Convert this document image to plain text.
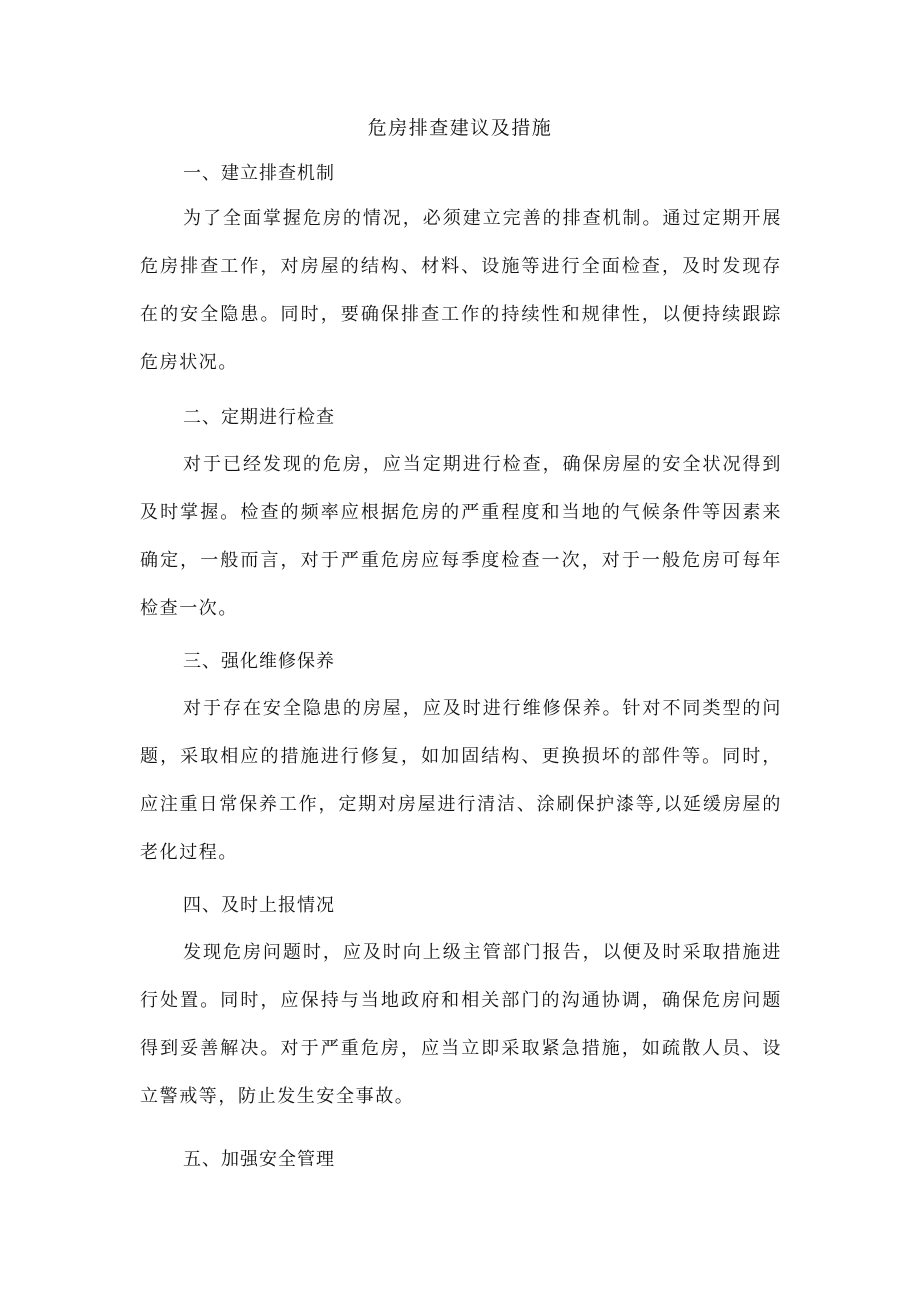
危房排查建议及措施

一、建立排查机制

为了全面掌握危房的情况，必须建立完善的排查机制。通过定期开展危房排查工作，对房屋的结构、材料、设施等进行全面检查，及时发现存在的安全隐患。同时，要确保排查工作的持续性和规律性，以便持续跟踪危房状况。

二、定期进行检查

对于已经发现的危房，应当定期进行检查，确保房屋的安全状况得到及时掌握。检查的频率应根据危房的严重程度和当地的气候条件等因素来确定，一般而言，对于严重危房应每季度检查一次，对于一般危房可每年检查一次。

三、强化维修保养

对于存在安全隐患的房屋，应及时进行维修保养。针对不同类型的问题，采取相应的措施进行修复，如加固结构、更换损坏的部件等。同时，应注重日常保养工作，定期对房屋进行清洁、涂刷保护漆等,以延缓房屋的老化过程。

四、及时上报情况

发现危房问题时，应及时向上级主管部门报告，以便及时采取措施进行处置。同时，应保持与当地政府和相关部门的沟通协调，确保危房问题得到妥善解决。对于严重危房，应当立即采取紧急措施，如疏散人员、设立警戒等，防止发生安全事故。

五、加强安全管理
